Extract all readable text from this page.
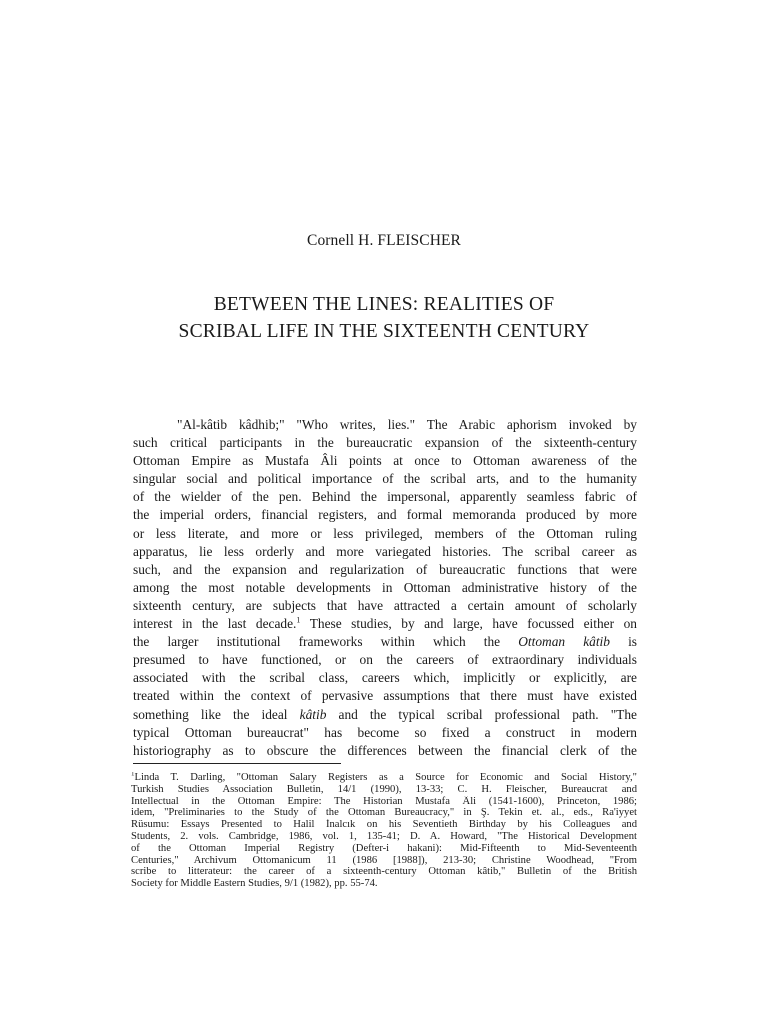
Cornell H. FLEISCHER
BETWEEN THE LINES: REALITIES OF
SCRIBAL LIFE IN THE SIXTEENTH CENTURY
"Al-kâtib kâdhib;" "Who writes, lies." The Arabic aphorism invoked by
such critical participants in the bureaucratic expansion of the sixteenth-century
Ottoman Empire as Mustafa Âli points at once to Ottoman awareness of the
singular social and political importance of the scribal arts, and to the humanity
of the wielder of the pen. Behind the impersonal, apparently seamless fabric of
the imperial orders, financial registers, and formal memoranda produced by more
or less literate, and more or less privileged, members of the Ottoman ruling
apparatus, lie less orderly and more variegated histories. The scribal career as
such, and the expansion and regularization of bureaucratic functions that were
among the most notable developments in Ottoman administrative history of the
sixteenth century, are subjects that have attracted a certain amount of scholarly
interest in the last decade.$^1$ These studies, by and large, have focussed either on
the larger institutional frameworks within which the Ottoman kâtib is
presumed to have functioned, or on the careers of extraordinary individuals
associated with the scribal class, careers which, implicitly or explicitly, are
treated within the context of pervasive assumptions that there must have existed
something like the ideal kâtib and the typical scribal professional path. "The
typical Ottoman bureaucrat" has become so fixed a construct in modern
historiography as to obscure the differences between the financial clerk of the
$^1$Linda T. Darling, "Ottoman Salary Registers as a Source for Economic and Social History,"
Turkish Studies Association Bulletin, 14/1 (1990), 13-33; C. H. Fleischer, Bureaucrat and
Intellectual in the Ottoman Empire: The Historian Mustafa Âli (1541-1600), Princeton, 1986;
idem, "Preliminaries to the Study of the Ottoman Bureaucracy," in Ş. Tekin et. al., eds., Ra'iyyet
Rüsumu: Essays Presented to Halil İnalcık on his Seventieth Birthday by his Colleagues and
Students, 2. vols. Cambridge, 1986, vol. 1, 135-41; D. A. Howard, "The Historical Development
of the Ottoman Imperial Registry (Defter-i hakani): Mid-Fifteenth to Mid-Seventeenth
Centuries," Archivum Ottomanicum 11 (1986 [1988]), 213-30; Christine Woodhead, "From
scribe to litterateur: the career of a sixteenth-century Ottoman kâtib," Bulletin of the British
Society for Middle Eastern Studies, 9/1 (1982), pp. 55-74.
